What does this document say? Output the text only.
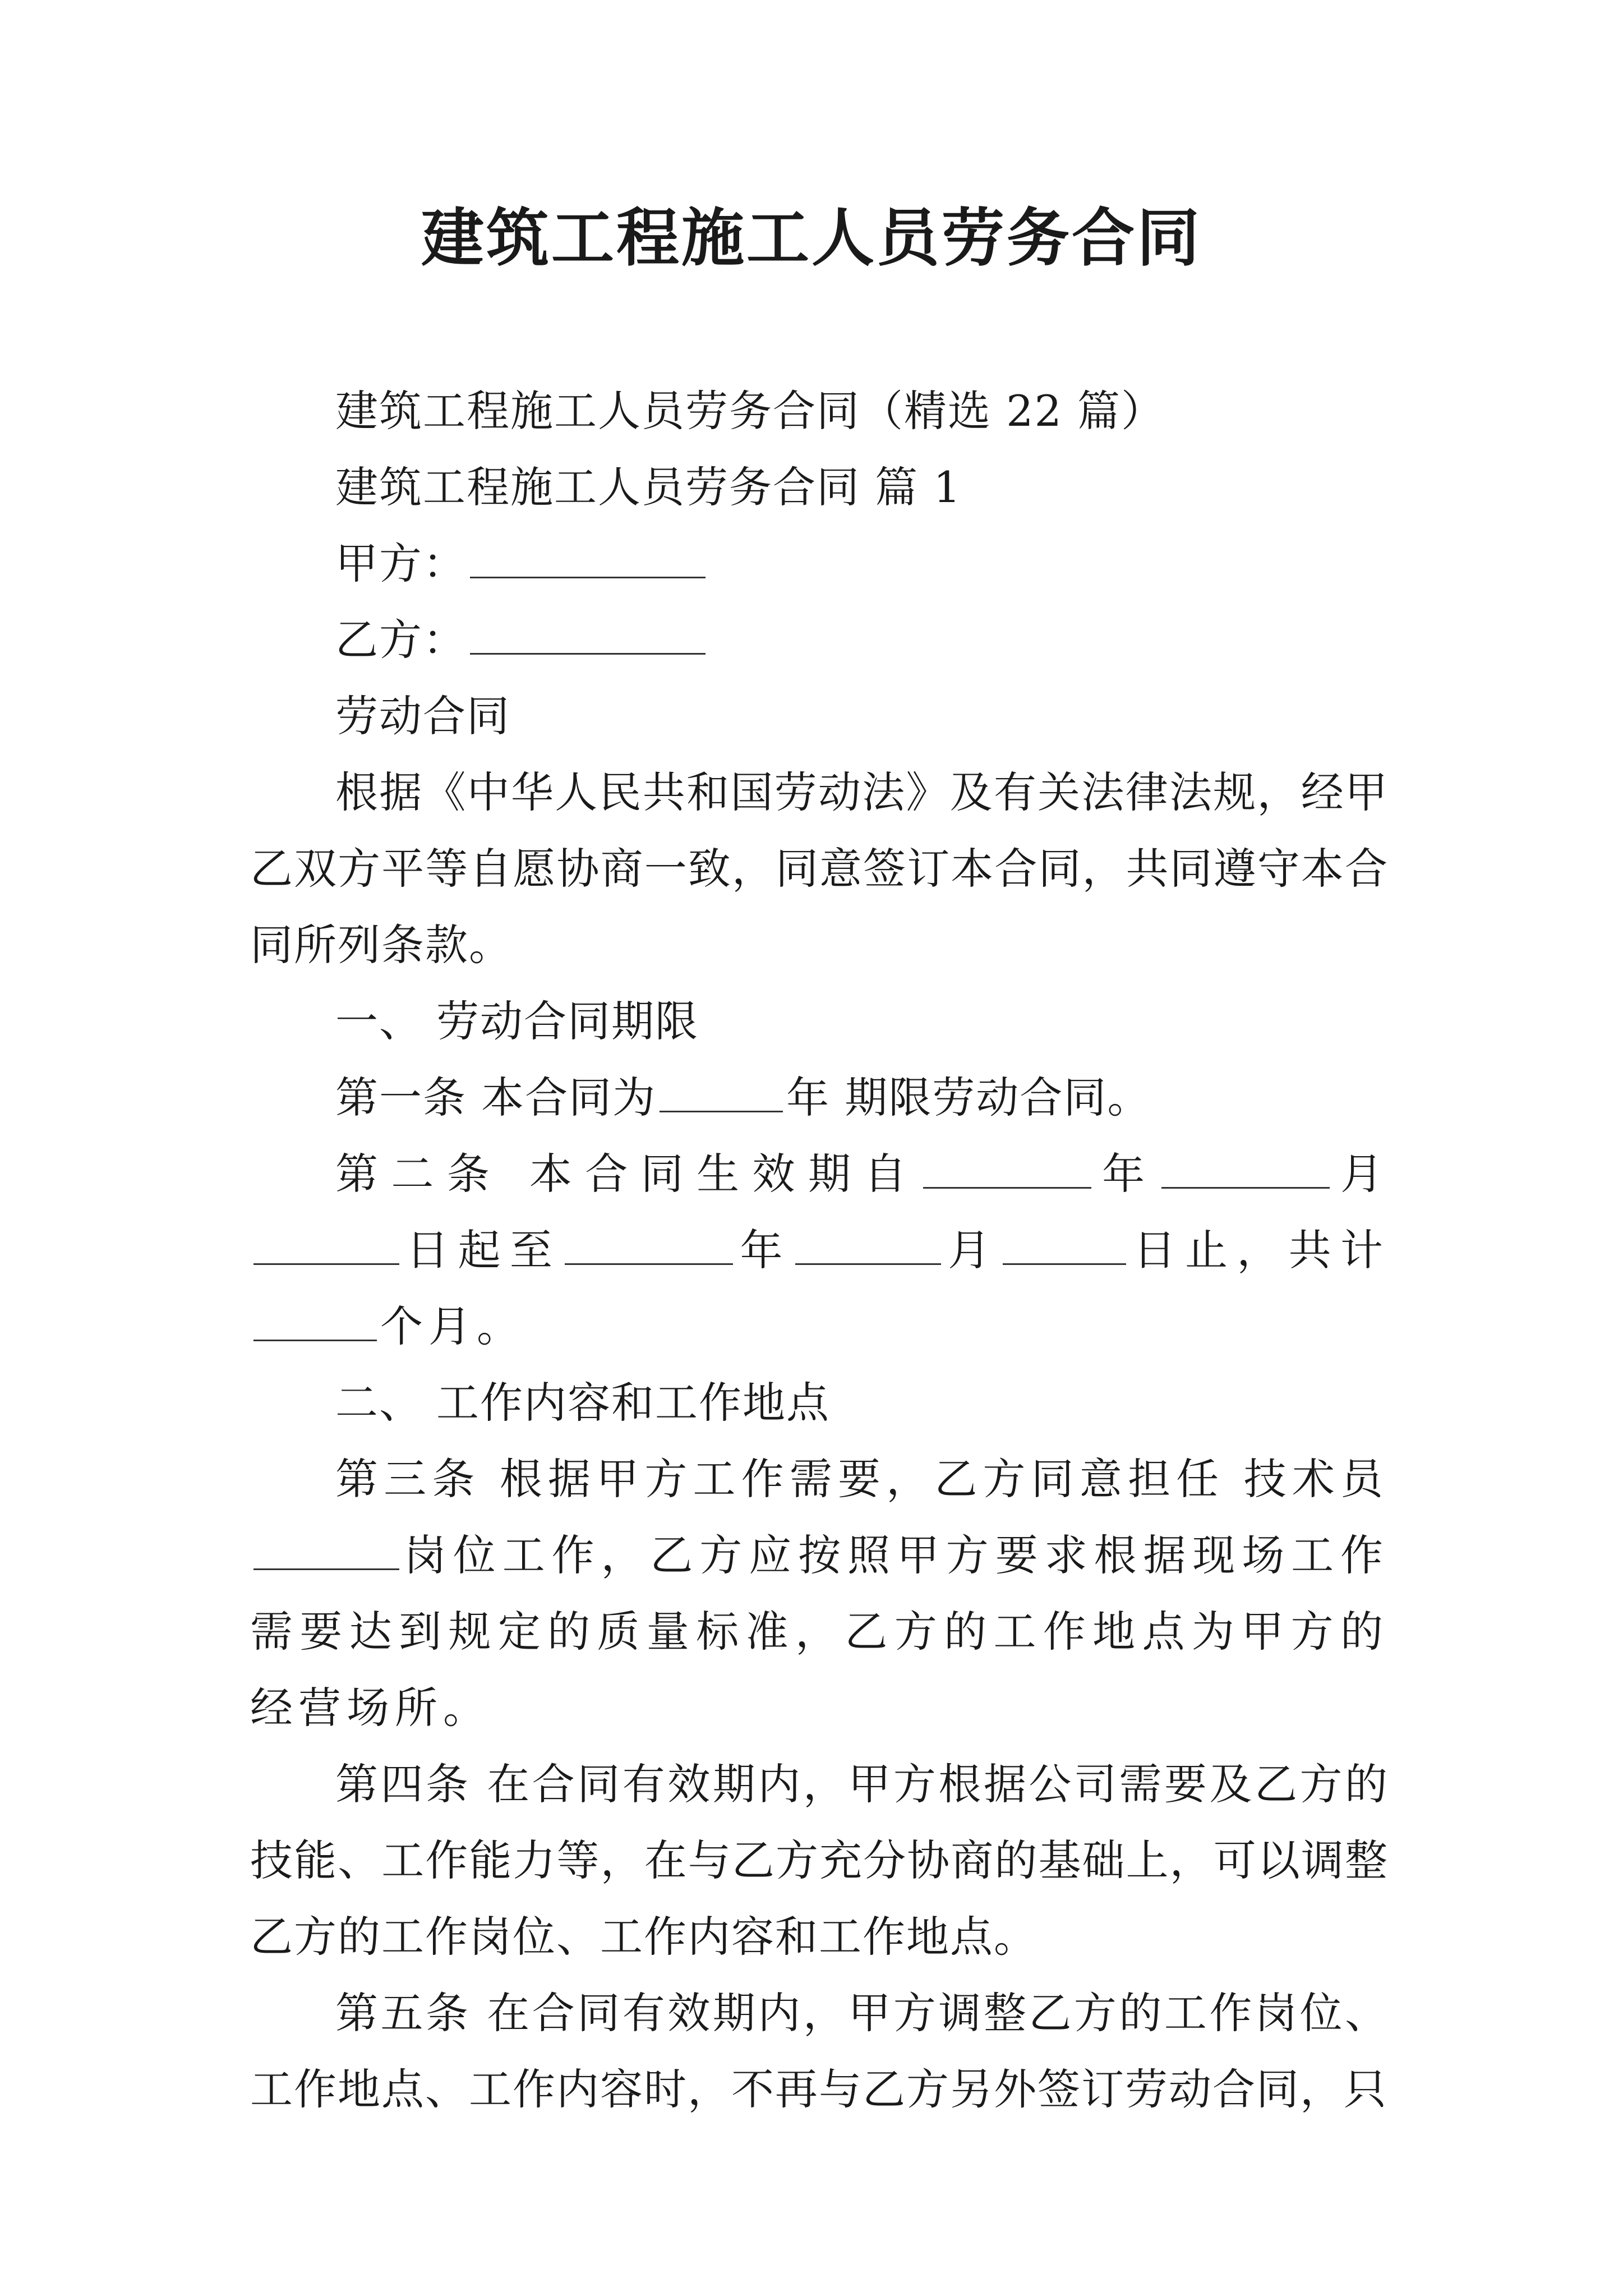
建筑工程施工人员劳务合同

建筑工程施工人员劳务合同（精选 22 篇）

建筑工程施工人员劳务合同 篇 1

甲方：

乙方：

劳动合同

根据《中华人民共和国劳动法》及有关法律法规，经甲乙双方平等自愿协商一致，同意签订本合同，共同遵守本合同所列条款。

一、 劳动合同期限

第一条 本合同为	年 期限劳动合同。

第二条 本合同生效期自	年	月日起至	年	月	日止，共计个月。

二、 工作内容和工作地点

第三条 根据甲方工作需要，乙方同意担任 技术员岗位工作，乙方应按照甲方要求根据现场工作需要达到规定的质量标准，乙方的工作地点为甲方的经营场所。

第四条 在合同有效期内，甲方根据公司需要及乙方的技能、工作能力等，在与乙方充分协商的基础上，可以调整乙方的工作岗位、工作内容和工作地点。

第五条 在合同有效期内，甲方调整乙方的工作岗位、工作地点、工作内容时，不再与乙方另外签订劳动合同，只
